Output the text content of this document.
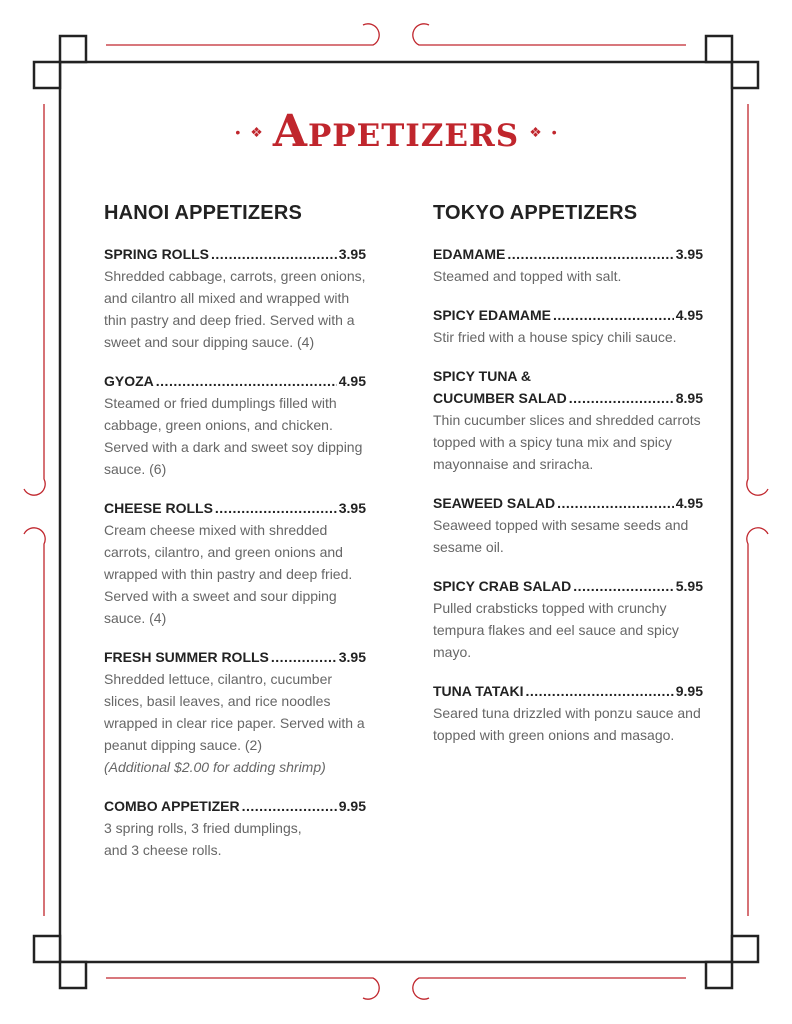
• ❖ Appetizers ❖ •
HANOI APPETIZERS
SPRING ROLLS .....	3.95
Shredded cabbage, carrots, green onions, and cilantro all mixed and wrapped with thin pastry and deep fried. Served with a sweet and sour dipping sauce. (4)
GYOZA .....	4.95
Steamed or fried dumplings filled with cabbage, green onions, and chicken. Served with a dark and sweet soy dipping sauce. (6)
CHEESE ROLLS .....	3.95
Cream cheese mixed with shredded carrots, cilantro, and green onions and wrapped with thin pastry and deep fried. Served with a sweet and sour dipping sauce. (4)
FRESH SUMMER ROLLS .....	3.95
Shredded lettuce, cilantro, cucumber slices, basil leaves, and rice noodles wrapped in clear rice paper. Served with a peanut dipping sauce. (2)
(Additional $2.00 for adding shrimp)
COMBO APPETIZER .....	9.95
3 spring rolls, 3 fried dumplings,
and 3 cheese rolls.
TOKYO APPETIZERS
EDAMAME .....	3.95
Steamed and topped with salt.
SPICY EDAMAME .....	4.95
Stir fried with a house spicy chili sauce.
SPICY TUNA &
CUCUMBER SALAD .....	8.95
Thin cucumber slices and shredded carrots topped with a spicy tuna mix and spicy mayonnaise and sriracha.
SEAWEED SALAD .....	4.95
Seaweed topped with sesame seeds and sesame oil.
SPICY CRAB SALAD .....	5.95
Pulled crabsticks topped with crunchy tempura flakes and eel sauce and spicy mayo.
TUNA TATAKI .....	9.95
Seared tuna drizzled with ponzu sauce and topped with green onions and masago.
